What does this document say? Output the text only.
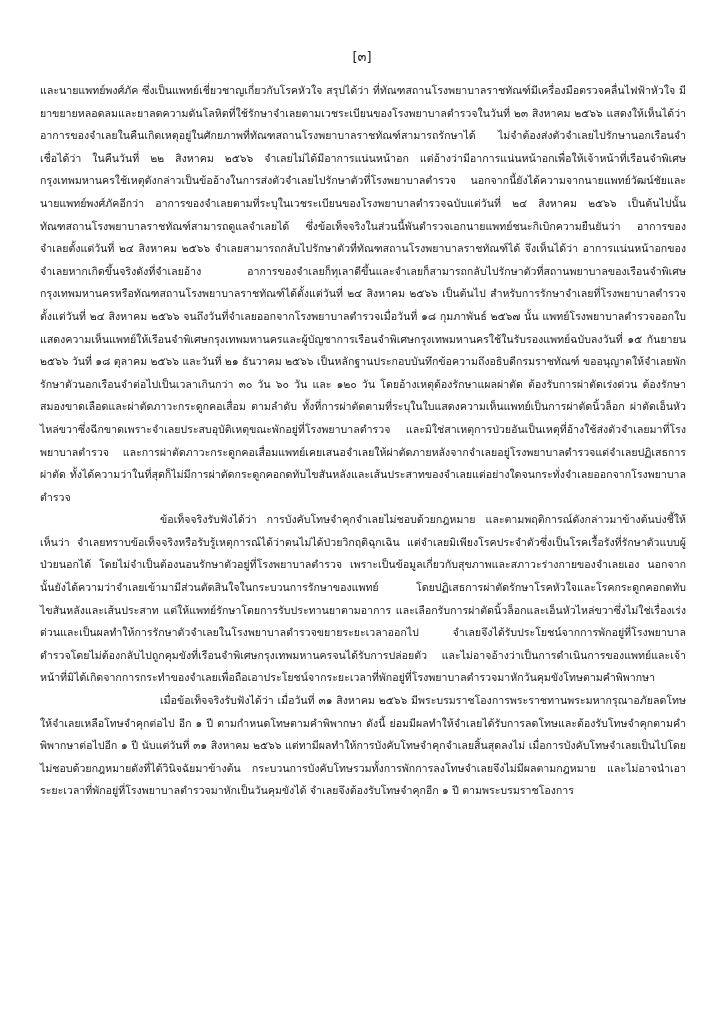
[๓]

และนายแพทย์พงศ์ภัค ซึ่งเป็นแพทย์เชี่ยวชาญเกี่ยวกับโรคหัวใจ สรุปได้ว่า ที่ทัณฑสถานโรงพยาบาลราชทัณฑ์มีเครื่องมือตรวจคลื่นไฟฟ้าหัวใจ มียาขยายหลอดลมและยาลดความดันโลหิตที่ใช้รักษาจำเลยตามเวชระเบียนของโรงพยาบาลตำรวจในวันที่ ๒๓ สิงหาคม ๒๕๖๖ แสดงให้เห็นได้ว่า อาการของจำเลยในคืนเกิดเหตุอยู่ในศักยภาพที่ทัณฑสถานโรงพยาบาลราชทัณฑ์สามารถรักษาได้ ไม่จำต้องส่งตัวจำเลยไปรักษานอกเรือนจำ เชื่อได้ว่า ในคืนวันที่ ๒๒ สิงหาคม ๒๕๖๖ จำเลยไม่ได้มีอาการแน่นหน้าอก แต่อ้างว่ามีอาการแน่นหน้าอกเพื่อให้เจ้าหน้าที่เรือนจำพิเศษกรุงเทพมหานครใช้เหตุดังกล่าวเป็นข้ออ้างในการส่งตัวจำเลยไปรักษาตัวที่โรงพยาบาลตำรวจ นอกจากนี้ยังได้ความจากนายแพทย์วัฒน์ชัยและนายแพทย์พงศ์ภัคอีกว่า อาการของจำเลยตามที่ระบุในเวชระเบียนของโรงพยาบาลตำรวจฉบับแต่วันที่ ๒๔ สิงหาคม ๒๕๖๖ เป็นต้นไปนั้น ทัณฑสถานโรงพยาบาลราชทัณฑ์สามารถดูแลจำเลยได้ ซึ่งข้อเท็จจริงในส่วนนี้พันตำรวจเอกนายแพทย์ชนะกิเบิกความยืนยันว่า อาการของจำเลยตั้งแต่วันที่ ๒๔ สิงหาคม ๒๕๖๖ จำเลยสามารถกลับไปรักษาตัวที่ทัณฑสถานโรงพยาบาลราชทัณฑ์ได้ จึงเห็นได้ว่า อาการแน่นหน้าอกของจำเลยหากเกิดขึ้นจริงดังที่จำเลยอ้าง อาการของจำเลยก็ทุเลาดีขึ้นและจำเลยก็สามารถกลับไปรักษาตัวที่สถานพยาบาลของเรือนจำพิเศษกรุงเทพมหานครหรือทัณฑสถานโรงพยาบาลราชทัณฑ์ได้ตั้งแต่วันที่ ๒๔ สิงหาคม ๒๕๖๖ เป็นต้นไป สำหรับการรักษาจำเลยที่โรงพยาบาลตำรวจตั้งแต่วันที่ ๒๔ สิงหาคม ๒๕๖๖ จนถึงวันที่จำเลยออกจากโรงพยาบาลตำรวจเมื่อวันที่ ๑๘ กุมภาพันธ์ ๒๕๖๗ นั้น แพทย์โรงพยาบาลตำรวจออกใบแสดงความเห็นแพทย์ให้เรือนจำพิเศษกรุงเทพมหานครและผู้บัญชาการเรือนจำพิเศษกรุงเทพมหานครใช้ในรับรองแพทย์ฉบับลงวันที่ ๑๕ กันยายน ๒๕๖๖ วันที่ ๑๘ ตุลาคม ๒๕๖๖ และวันที่ ๒๑ ธันวาคม ๒๕๖๖ เป็นหลักฐานประกอบบันทึกข้อความถึงอธิบดีกรมราชทัณฑ์ ขออนุญาตให้จำเลยพักรักษาตัวนอกเรือนจำต่อไปเป็นเวลาเกินกว่า ๓๐ วัน ๖๐ วัน และ ๑๒๐ วัน โดยอ้างเหตุต้องรักษาแผลผ่าตัด ต้องรับการผ่าตัดเร่งด่วน ต้องรักษาสมองขาดเลือดและผ่าตัดภาวะกระดูกคอเสื่อม ตามลำดับ ทั้งที่การผ่าตัดตามที่ระบุในใบแสดงความเห็นแพทย์เป็นการผ่าตัดนิ้วล็อก ผ่าตัดเอ็นหัวไหล่ขวาซึ่งฉีกขาดเพราะจำเลยประสบอุบัติเหตุขณะพักอยู่ที่โรงพยาบาลตำรวจ และมิใช่สาเหตุการป่วยอันเป็นเหตุที่อ้างใช้ส่งตัวจำเลยมาที่โรงพยาบาลตำรวจ และการผ่าตัดภาวะกระดูกคอเสื่อมแพทย์เคยเสนอจำเลยให้ผ่าตัดภายหลังจากจำเลยอยู่โรงพยาบาลตำรวจแต่จำเลยปฏิเสธการผ่าตัด ทั้งได้ความว่าในที่สุดก็ไม่มีการผ่าตัดกระดูกคอกดทับไขสันหลังและเส้นประสาทของจำเลยแต่อย่างใดจนกระทั่งจำเลยออกจากโรงพยาบาลตำรวจ

ข้อเท็จจริงรับฟังได้ว่า การบังคับโทษจำคุกจำเลยไม่ชอบด้วยกฎหมาย และตามพฤติการณ์ดังกล่าวมาข้างต้นบ่งชี้ให้เห็นว่า จำเลยทราบข้อเท็จจริงหรือรับรู้เหตุการณ์ได้ว่าตนไม่ได้ป่วยวิกฤติฉุกเฉิน แต่จำเลยมิเพียงโรคประจำตัวซึ่งเป็นโรคเรื้อรังที่รักษาตัวแบบผู้ป่วยนอกได้ โดยไม่จำเป็นต้องนอนรักษาตัวอยู่ที่โรงพยาบาลตำรวจ เพราะเป็นข้อมูลเกี่ยวกับสุขภาพและสภาวะร่างกายของจำเลยเอง นอกจากนั้นยังได้ความว่าจำเลยเข้ามามีส่วนตัดสินใจในกระบวนการรักษาของแพทย์ โดยปฏิเสธการผ่าตัดรักษาโรคหัวใจและโรคกระดูกคอกดทับไขสันหลังและเส้นประสาท แต่ให้แพทย์รักษาโดยการรับประทานยาตามอาการ และเลือกรับการผ่าตัดนิ้วล็อกและเอ็นหัวไหล่ขวาซึ่งไม่ใช่เรื่องเร่งด่วนและเป็นผลทำให้การรักษาตัวจำเลยในโรงพยาบาลตำรวจขยายระยะเวลาออกไป จำเลยจึงได้รับประโยชน์จากการพักอยู่ที่โรงพยาบาลตำรวจโดยไม่ต้องกลับไปถูกคุมขังที่เรือนจำพิเศษกรุงเทพมหานครจนได้รับการปล่อยตัว และไม่อาจอ้างว่าเป็นการดำเนินการของแพทย์และเจ้าหน้าที่มิได้เกิดจากการกระทำของจำเลยเพื่อถือเอาประโยชน์จากระยะเวลาที่พักอยู่ที่โรงพยาบาลตำรวจมาหักวันคุมขังโทษตามคำพิพากษา

เมื่อข้อเท็จจริงรับฟังได้ว่า เมื่อวันที่ ๓๑ สิงหาคม ๒๕๖๖ มีพระบรมราชโองการพระราชทานพระมหากรุณาอภัยลดโทษให้จำเลยเหลือโทษจำคุกต่อไป อีก ๑ ปี ตามกำหนดโทษตามคำพิพากษา ดังนี้ ย่อมมีผลทำให้จำเลยได้รับการลดโทษและต้องรับโทษจำคุกตามคำพิพากษาต่อไปอีก ๑ ปี นับแต่วันที่ ๓๑ สิงหาคม ๒๕๖๖ แต่ทามีผลทำให้การบังคับโทษจำคุกจำเลยสิ้นสุดลงไม่ เมื่อการบังคับโทษจำเลยเป็นไปโดยไม่ชอบด้วยกฎหมายดังที่ได้วินิจฉัยมาข้างต้น กระบวนการบังคับโทษรวมทั้งการพักการลงโทษจำเลยจึงไม่มีผลตามกฎหมาย และไม่อาจนำเอาระยะเวลาที่พักอยู่ที่โรงพยาบาลตำรวจมาหักเป็นวันคุมขังได้ จำเลยจึงต้องรับโทษจำคุกอีก ๑ ปี ตามพระบรมราชโองการ
